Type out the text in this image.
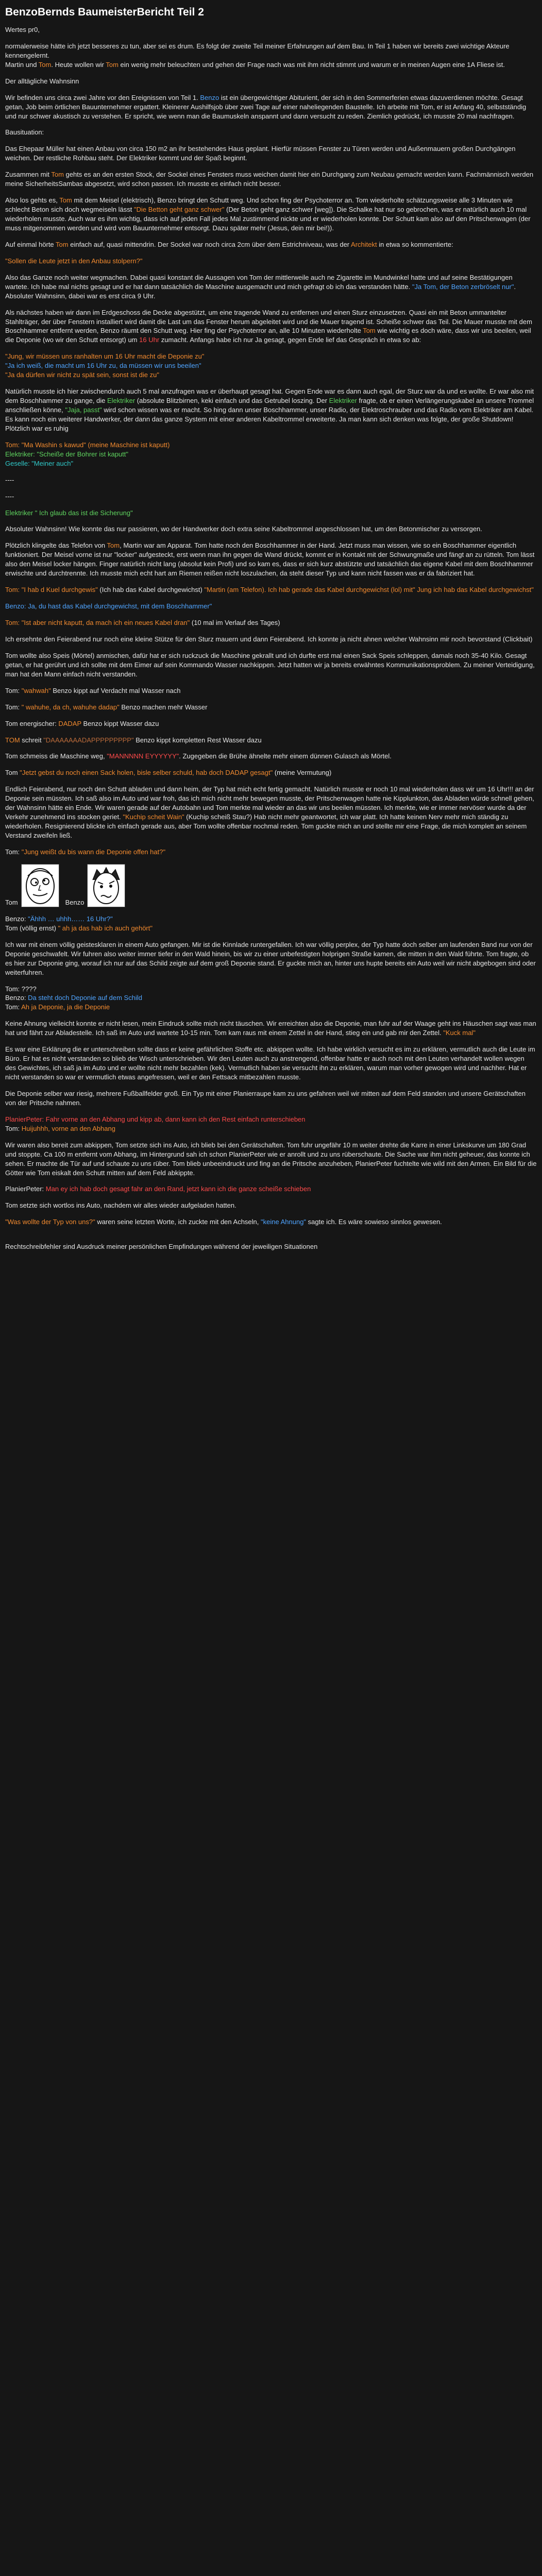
BenzoBernds BaumeisterBericht Teil 2

Wertes pr0,

normalerweise hätte ich jetzt besseres zu tun, aber sei es drum. Es folgt der zweite Teil meiner Erfahrungen auf dem Bau. In Teil 1 haben wir bereits zwei wichtige Akteure kennengelernt.

Martin und Tom. Heute wollen wir Tom ein wenig mehr beleuchten und gehen der Frage nach was mit ihm nicht stimmt und warum er in meinen Augen eine 1A Fliese ist.

Der alltägliche Wahnsinn

Wir befinden uns circa zwei Jahre vor den Ereignissen von Teil 1. Benzo ist ein übergewichtiger Abiturient, der sich in den Sommerferien etwas dazuverdienen möchte. Gesagt getan, Job beim örtlichen Bauunternehmer ergattert. Kleinerer Aushilfsjob über zwei Tage auf einer naheliegenden Baustelle. Ich arbeite mit Tom, er ist Anfang 40, selbstständig und nur schwer akustisch zu verstehen. Er spricht, wie wenn man die Baumuskeln anspannt und dann versucht zu reden. Ziemlich gedrückt, ich musste 20 mal nachfragen.

Bausituation:

Das Ehepaar Müller hat einen Anbau von circa 150 m2 an ihr bestehendes Haus geplant. Hierfür müssen Fenster zu Türen werden und Außenmauern großen Durchgängen weichen. Der restliche Rohbau steht. Der Elektriker kommt und der Spaß beginnt.

Zusammen mit Tom gehts es an den ersten Stock, der Sockel eines Fensters muss weichen damit hier ein Durchgang zum Neubau gemacht werden kann. Fachmännisch werden meine SicherheitsSambas abgesetzt, wird schon passen. Ich musste es einfach nicht besser.

Also los gehts es, Tom mit dem Meisel (elektrisch), Benzo bringt den Schutt weg. Und schon fing der Psychoterror an. Tom wiederholte schätzungsweise alle 3 Minuten wie schlecht Beton sich doch wegmeiseln lässt "Die Betton geht ganz schwer" (Der Beton geht ganz schwer [weg]). Die Schalke hat nur so gebrochen, was er natürlich auch 10 mal wiederholen musste. Auch war es ihm wichtig, dass ich auf jeden Fall jedes Mal zustimmend nickte und er wiederholen konnte. Der Schutt kam also auf den Pritschenwagen (der muss mitgenommen werden und wird vom Bauunternehmer entsorgt. Dazu später mehr (Jesus, dein mir bei!)).

Auf einmal hörte Tom einfach auf, quasi mittendrin. Der Sockel war noch circa 2cm über dem Estrichniveau, was der Architekt in etwa so kommentierte:

"Sollen die Leute jetzt in den Anbau stolpern?"

Also das Ganze noch weiter wegmachen. Dabei quasi konstant die Aussagen von Tom der mittlerweile auch ne Zigarette im Mundwinkel hatte und auf seine Bestätigungen wartete. Ich habe mal nichts gesagt und er hat dann tatsächlich die Maschine ausgemacht und mich gefragt ob ich das verstanden hätte. "Ja Tom, der Beton zerbröselt nur". Absoluter Wahnsinn, dabei war es erst circa 9 Uhr.

Als nächstes haben wir dann im Erdgeschoss die Decke abgestützt, um eine tragende Wand zu entfernen und einen Sturz einzusetzen. Quasi ein mit Beton ummantelter Stahlträger, der über Fenstern installiert wird damit die Last um das Fenster herum abgeleitet wird und die Mauer tragend ist. Scheiße schwer das Teil. Die Mauer musste mit dem Boschhammer entfernt werden, Benzo räumt den Schutt weg. Hier fing der Psychoterror an, alle 10 Minuten wiederholte Tom wie wichtig es doch wäre, dass wir uns beeilen, weil die Deponie (wo wir den Schutt entsorgt) um 16 Uhr zumacht. Anfangs habe ich nur Ja gesagt, gegen Ende lief das Gespräch in etwa so ab:

"Jung, wir müssen uns ranhalten um 16 Uhr macht die Deponie zu"

"Ja ich weiß, die macht um 16 Uhr zu, da müssen wir uns beeilen"

"Ja da dürfen wir nicht zu spät sein, sonst ist die zu"

Natürlich musste ich hier zwischendurch auch 5 mal anzufragen was er überhaupt gesagt hat. Gegen Ende war es dann auch egal, der Sturz war da und es wollte. Er war also mit dem Boschhammer zu gange, die Elektriker (absolute Blitzbirnen, keki einfach und das Getrubel loszing. Der Elektriker fragte, ob er einen Verlängerungskabel an unsere Trommel anschließen könne, "Jaja, passt" wird schon wissen was er macht. So hing dann unser Boschhammer, unser Radio, der Elektroschrauber und das Radio vom Elektriker am Kabel. Es kann noch ein weiterer Handwerker, der dann das ganze System mit einer anderen Kabeltrommel erweiterte. Ja man kann sich denken was folgte, der große Shutdown! Plötzlich war es ruhig

Tom: "Ma Washin s kawud" (meine Maschine ist kaputt)

Elektriker: "Scheiße der Bohrer ist kaputt"

Geselle: "Meiner auch"

----

----

Elektriker " Ich glaub das ist die Sicherung"

Absoluter Wahnsinn! Wie konnte das nur passieren, wo der Handwerker doch extra seine Kabeltrommel angeschlossen hat, um den Betonmischer zu versorgen.

Plötzlich klingelte das Telefon von Tom, Martin war am Apparat. Tom hatte noch den Boschhammer in der Hand. Jetzt muss man wissen, wie so ein Boschhammer eigentlich funktioniert. Der Meisel vorne ist nur "locker" aufgesteckt, erst wenn man ihn gegen die Wand drückt, kommt er in Kontakt mit der Schwungmaße und fängt an zu rütteln. Tom lässt also den Meisel locker hängen. Finger natürlich nicht lang (absolut kein Profi) und so kam es, dass er sich kurz abstützte und tatsächlich das eigene Kabel mit dem Boschhammer erwischte und durchtrennte. Ich musste mich echt hart am Riemen reißen nicht loszulachen, da steht dieser Typ und kann nicht fassen was er da fabriziert hat.

Tom: "I hab d Kuel durchgewis" (Ich hab das Kabel durchgewichst) "Martin (am Telefon). Ich hab gerade das Kabel durchgewichst (lol) mit" Jung ich hab das Kabel durchgewichst"

Benzo: Ja, du hast das Kabel durchgewichst, mit dem Boschhammer"

Tom: "Ist aber nicht kaputt, da mach ich ein neues Kabel dran" (10 mal im Verlauf des Tages)

Ich ersehnte den Feierabend nur noch eine kleine Stütze für den Sturz mauern und dann Feierabend. Ich konnte ja nicht ahnen welcher Wahnsinn mir noch bevorstand (Clickbait)

Tom wollte also Speis (Mörtel) anmischen, dafür hat er sich ruckzuck die Maschine gekrallt und ich durfte erst mal einen Sack Speis schleppen, damals noch 35-40 Kilo. Gesagt getan, er hat gerührt und ich sollte mit dem Eimer auf sein Kommando Wasser nachkippen. Jetzt hatten wir ja bereits erwähntes Kommunikationsproblem. Zu meiner Verteidigung, man hat den Mann einfach nicht verstanden.

Tom: "wahwah" Benzo kippt auf Verdacht mal Wasser nach

Tom: " wahuhe, da ch, wahuhe dadap" Benzo machen mehr Wasser

Tom energischer: DADAP Benzo kippt Wasser dazu

TOM schreit "DAAAAAAADAPPPPPPPPP" Benzo kippt kompletten Rest Wasser dazu

Tom schmeiss die Maschine weg, "MANNNNN EYYYYYY". Zugegeben die Brühe ähnelte mehr einem dünnen Gulasch als Mörtel.

Tom "Jetzt gebst du noch einen Sack holen, bisle selber schuld, hab doch DADAP gesagt" (meine Vermutung)

Endlich Feierabend, nur noch den Schutt abladen und dann heim, der Typ hat mich echt fertig gemacht. Natürlich musste er noch 10 mal wiederholen dass wir um 16 Uhr!!! an der Deponie sein müssten. Ich saß also im Auto und war froh, das ich mich nicht mehr bewegen musste, der Pritschenwagen hatte nie Kipplunkton, das Abladen würde schnell gehen, der Wahnsinn hätte ein Ende. Wir waren gerade auf der Autobahn und Tom merkte mal wieder an das wir uns beeilen müssten. Ich merkte, wie er immer nervöser wurde da der Verkehr zunehmend ins stocken geriet. "Kuchip scheit Wain" (Kuchip scheiß Stau?) Hab nicht mehr geantwortet, ich war platt. Ich hatte keinen Nerv mehr mich ständig zu wiederholen. Resignierend blickte ich einfach gerade aus, aber Tom wollte offenbar nochmal reden. Tom guckte mich an und stellte mir eine Frage, die mich komplett an seinem Verstand zweifeln ließ.

Tom: "Jung weißt du bis wann die Deponie offen hat?"

Tom	Benzo

Benzo: "Ähhh … uhhh…… 16 Uhr?"

Tom (völlig ernst) " ah ja das hab ich auch gehört"

Ich war mit einem völlig geistesklaren in einem Auto gefangen. Mir ist die Kinnlade runtergefallen. Ich war völlig perplex, der Typ hatte doch selber am laufenden Band nur von der Deponie geschwafelt. Wir fuhren also weiter immer tiefer in den Wald hinein, bis wir zu einer unbefestigten holprigen Straße kamen, die mitten in den Wald führte. Tom fragte, ob es hier zur Deponie ging, worauf ich nur auf das Schild zeigte auf dem groß Deponie stand. Er guckte mich an, hinter uns hupte bereits ein Auto weil wir nicht abgebogen sind oder weiterfuhren.

Tom: ????

Benzo: Da steht doch Deponie auf dem Schild

Tom: Ah ja Deponie, ja die Deponie

Keine Ahnung vielleicht konnte er nicht lesen, mein Eindruck sollte mich nicht täuschen. Wir erreichten also die Deponie, man fuhr auf der Waage geht ins Häuschen sagt was man hat und fährt zur Abladestelle. Ich saß im Auto und wartete 10-15 min. Tom kam raus mit einem Zettel in der Hand, stieg ein und gab mir den Zettel. "Kuck mal"

Es war eine Erklärung die er unterschreiben sollte dass er keine gefährlichen Stoffe etc. abkippen wollte. Ich habe wirklich versucht es im zu erklären, vermutlich auch die Leute im Büro. Er hat es nicht verstanden so blieb der Wisch unterschrieben. Wir den Leuten auch zu anstrengend, offenbar hatte er auch noch mit den Leuten verhandelt wollen wegen des Gewichtes, ich saß ja im Auto und er wollte nicht mehr bezahlen (kek). Vermutlich haben sie versucht ihn zu erklären, warum man vorher gewogen wird und nachher. Hat er nicht verstanden so war er vermutlich etwas angefressen, weil er den Fettsack mitbezahlen musste.

Die Deponie selber war riesig, mehrere Fußballfelder groß. Ein Typ mit einer Planierraupe kam zu uns gefahren weil wir mitten auf dem Feld standen und unsere Gerätschaften von der Pritsche nahmen.

PlanierPeter: Fahr vorne an den Abhang und kipp ab, dann kann ich den Rest einfach runterschieben

Tom: Huijuhhh, vorne an den Abhang

Wir waren also bereit zum abkippen, Tom setzte sich ins Auto, ich blieb bei den Gerätschaften. Tom fuhr ungefähr 10 m weiter drehte die Karre in einer Linkskurve um 180 Grad und stoppte. Ca 100 m entfernt vom Abhang, im Hintergrund sah ich schon PlanierPeter wie er anrollt und zu uns rüberschaute. Die Sache war ihm nicht geheuer, das konnte ich sehen. Er machte die Tür auf und schaute zu uns rüber. Tom blieb unbeeindruckt und fing an die Pritsche anzuheben, PlanierPeter fuchtelte wie wild mit den Armen. Ein Bild für die Götter wie Tom eiskalt den Schutt mitten auf dem Feld abkippte.

PlanierPeter: Man ey ich hab doch gesagt fahr an den Rand, jetzt kann ich die ganze scheiße schieben

Tom setzte sich wortlos ins Auto, nachdem wir alles wieder aufgeladen hatten.

"Was wollte der Typ von uns?" waren seine letzten Worte, ich zuckte mit den Achseln, "keine Ahnung" sagte ich. Es wäre sowieso sinnlos gewesen.

Rechtschreibfehler sind Ausdruck meiner persönlichen Empfindungen während der jeweiligen Situationen
